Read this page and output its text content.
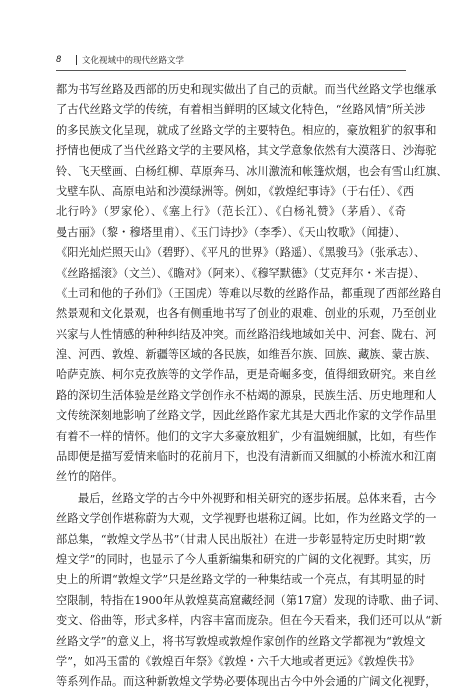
8	文化视域中的现代丝路文学
都为书写丝路及西部的历史和现实做出了自己的贡献。而当代丝路文学也继承
了古代丝路文学的传统，有着相当鲜明的区域文化特色，“丝路风情”所关涉
的多民族文化呈现，就成了丝路文学的主要特色。相应的，豪放粗犷的叙事和
抒情也便成了当代丝路文学的主要风格，其文学意象依然有大漠落日、沙海驼
铃、飞天壁画、白杨红柳、草原奔马、冰川激流和帐篷炊烟，也会有雪山红旗、
戈壁车队、高原电站和沙漠绿洲等。例如，《敦煌纪事诗》（于右任）、《西
北行吟》（罗家伦）、《塞上行》（范长江）、《白杨礼赞》（茅盾）、《奇
曼古丽》（黎・穆塔里甫）、《玉门诗抄》（李季）、《天山牧歌》（闻捷）、
《阳光灿烂照天山》（碧野）、《平凡的世界》（路遥）、《黑骏马》（张承志）、
《丝路摇滚》（文兰）、《瞻对》（阿来）、《穆罕默德》（艾克拜尔・米吉提）、
《土司和他的子孙们》（王国虎）等难以尽数的丝路作品，都重现了西部丝路自
然景观和文化景观，也各有侧重地书写了创业的艰难、创业的乐观，乃至创业
兴家与人性情感的种种纠结及冲突。而丝路沿线地域如关中、河套、陇右、河
湟、河西、敦煌、新疆等区域的各民族，如维吾尔族、回族、藏族、蒙古族、
哈萨克族、柯尔克孜族等的文学作品，更是奇崛多变，值得细致研究。来自丝
路的深切生活体验是丝路文学创作永不枯竭的源泉，民族生活、历史地理和人
文传统深刻地影响了丝路文学，因此丝路作家尤其是大西北作家的文学作品里
有着不一样的情怀。他们的文字大多豪放粗犷，少有温婉细腻，比如，有些作
品即便是描写爱情来临时的花前月下，也没有清新而又细腻的小桥流水和江南
丝竹的陪伴。
最后，丝路文学的古今中外视野和相关研究的逐步拓展。总体来看，古今
丝路文学创作堪称蔚为大观，文学视野也堪称辽阔。比如，作为丝路文学的一
部总集，“敦煌文学丛书”（甘肃人民出版社）在进一步彰显特定历史时期“敦
煌文学”的同时，也显示了今人重新编集和研究的广阔的文化视野。其实，历
史上的所谓“敦煌文学”只是丝路文学的一种集结或一个亮点，有其明显的时
空限制，特指在1900年从敦煌莫高窟藏经洞（第17窟）发现的诗歌、曲子词、
变文、俗曲等，形式多样，内容丰富而庞杂。但在今天看来，我们还可以从“新
丝路文学”的意义上，将书写敦煌或敦煌作家创作的丝路文学都视为“敦煌文
学”，如冯玉雷的《敦煌百年祭》《敦煌・六千大地或者更远》《敦煌佚书》
等系列作品。而这种新敦煌文学势必要体现出古今中外会通的广阔文化视野，
